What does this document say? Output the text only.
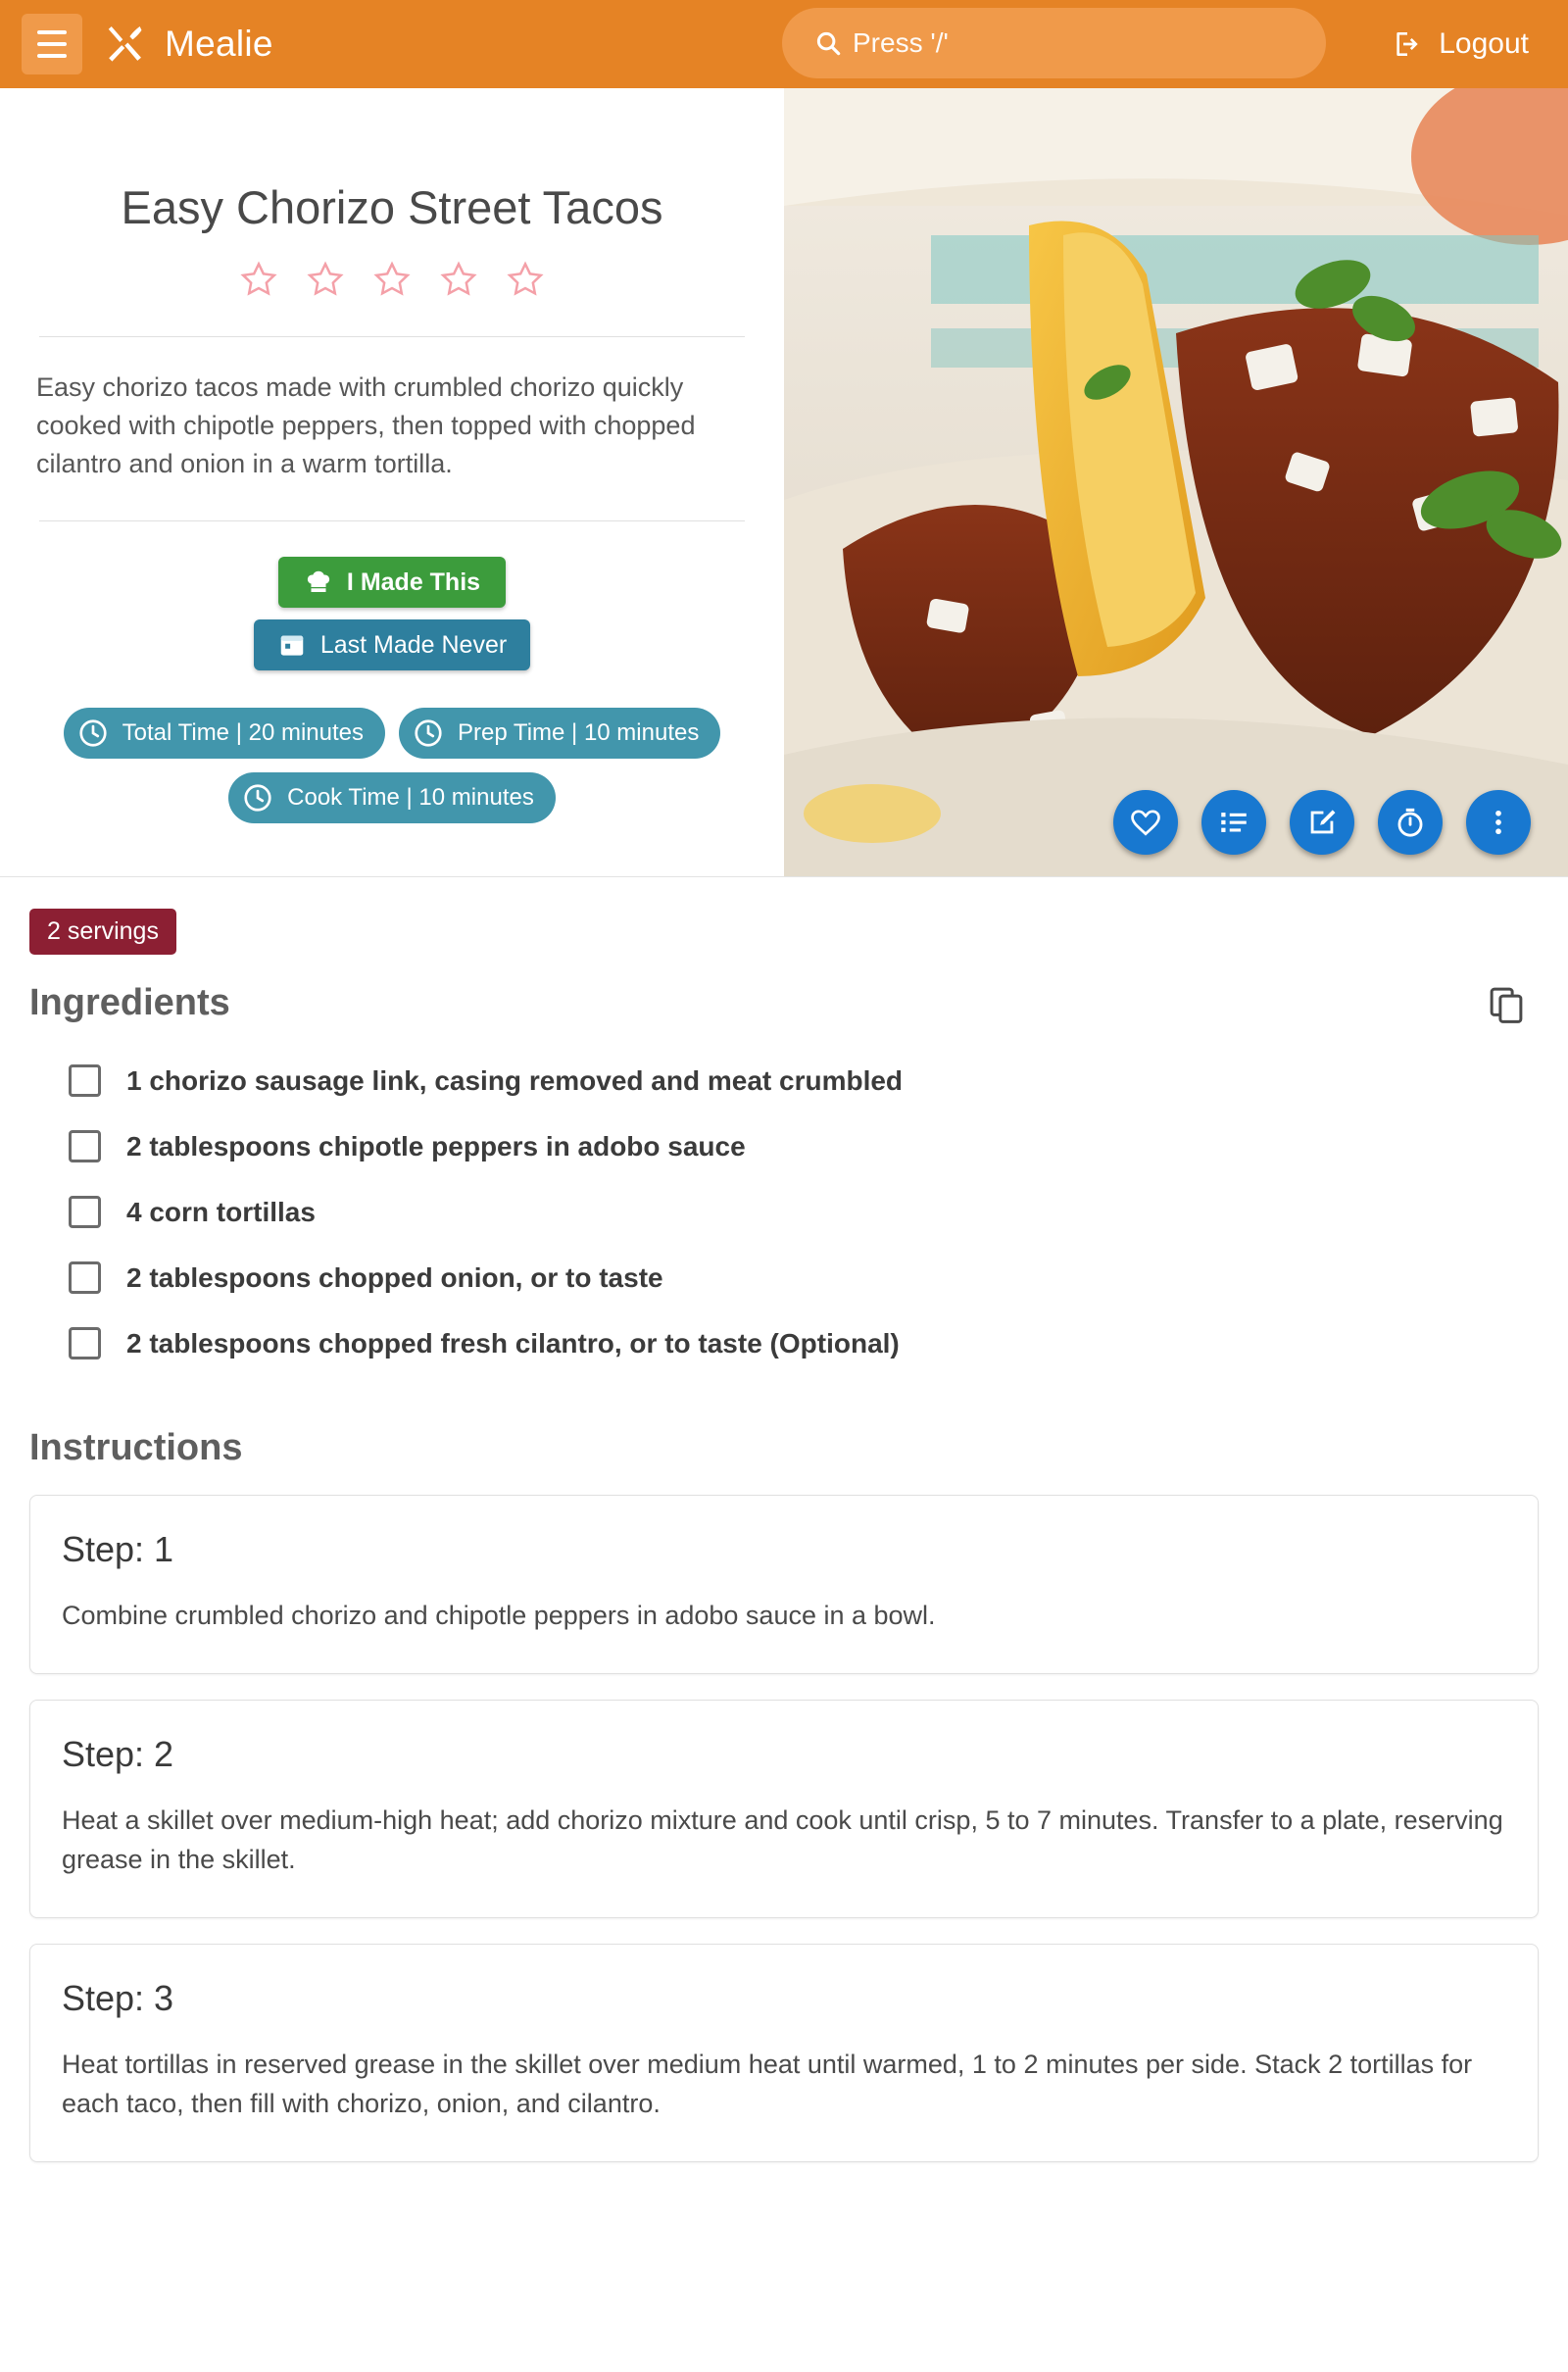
Mealie	Press '/'	Logout
Easy Chorizo Street Tacos
Easy chorizo tacos made with crumbled chorizo quickly cooked with chipotle peppers, then topped with chopped cilantro and onion in a warm tortilla.
I Made This
Last Made Never
Total Time | 20 minutes	Prep Time | 10 minutes
Cook Time | 10 minutes
2 servings
Ingredients
1 chorizo sausage link, casing removed and meat crumbled
2 tablespoons chipotle peppers in adobo sauce
4 corn tortillas
2 tablespoons chopped onion, or to taste
2 tablespoons chopped fresh cilantro, or to taste (Optional)
Instructions
Step: 1
Combine crumbled chorizo and chipotle peppers in adobo sauce in a bowl.
Step: 2
Heat a skillet over medium-high heat; add chorizo mixture and cook until crisp, 5 to 7 minutes. Transfer to a plate, reserving grease in the skillet.
Step: 3
Heat tortillas in reserved grease in the skillet over medium heat until warmed, 1 to 2 minutes per side. Stack 2 tortillas for each taco, then fill with chorizo, onion, and cilantro.
